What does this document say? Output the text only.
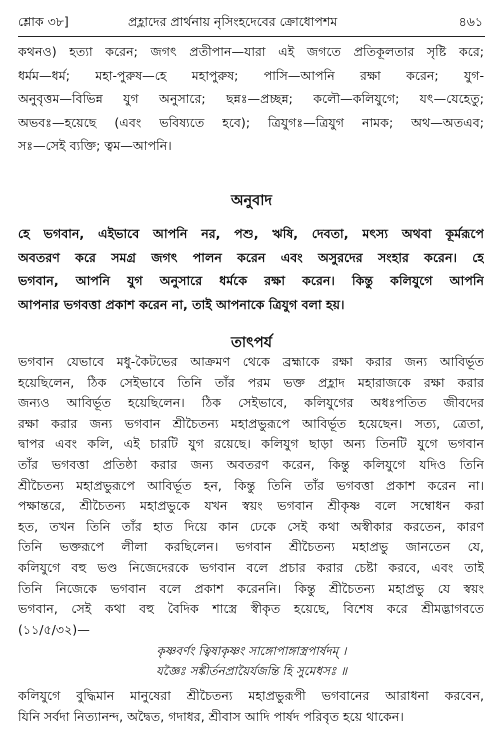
শ্লোক ৩৮]	প্রহ্লাদের প্রার্থনায় নৃসিংহদেবের ক্রোধোপশম	৪৬১
কথনও) হত্যা করেন; জগৎ প্রতীপান—যারা এই জগতে প্রতিকূলতার সৃষ্টি করে;
ধর্মম—ধর্ম; মহা-পুরুষ—হে মহাপুরুষ; পাসি—আপনি রক্ষা করেন; যুগ-
অনুবৃত্তম—বিভিন্ন যুগ অনুসারে; ছন্নঃ—প্রচ্ছন্ন; কলৌ—কলিযুগে; যৎ—যেহেতু;
অভবঃ—হয়েছে (এবং ভবিষ্যতে হবে); ত্রিযুগঃ—ত্রিযুগ নামক; অথ—অতএব;
সঃ—সেই ব্যক্তি; ত্বম—আপনি।
অনুবাদ
হে ভগবান, এইভাবে আপনি নর, পশু, ঋষি, দেবতা, মৎস্য অথবা কূর্মরূপে
অবতরণ করে সমগ্র জগৎ পালন করেন এবং অসুরদের সংহার করেন। হে
ভগবান, আপনি যুগ অনুসারে ধর্মকে রক্ষা করেন। কিন্তু কলিযুগে আপনি
আপনার ভগবত্তা প্রকাশ করেন না, তাই আপনাকে ত্রিযুগ বলা হয়।
তাৎপর্য
ভগবান যেভাবে মধু-কৈটভের আক্রমণ থেকে ব্রহ্মাকে রক্ষা করার জন্য আবির্ভূত
হয়েছিলেন, ঠিক সেইভাবে তিনি তাঁর পরম ভক্ত প্রহ্লাদ মহারাজকে রক্ষা করার
জন্যও আবির্ভূত হয়েছিলেন। ঠিক সেইভাবে, কলিযুগের অধঃপতিত জীবদের
রক্ষা করার জন্য ভগবান শ্রীচৈতন্য মহাপ্রভুরূপে আবির্ভূত হয়েছেন। সত্য, ত্রেতা,
দ্বাপর এবং কলি, এই চারটি যুগ রয়েছে। কলিযুগ ছাড়া অন্য তিনটি যুগে ভগবান
তাঁর ভগবত্তা প্রতিষ্ঠা করার জন্য অবতরণ করেন, কিন্তু কলিযুগে যদিও তিনি
শ্রীচৈতন্য মহাপ্রভুরূপে আবির্ভূত হন, কিন্তু তিনি তাঁর ভগবত্তা প্রকাশ করেন না।
পক্ষান্তরে, শ্রীচৈতন্য মহাপ্রভুকে যখন স্বয়ং ভগবান শ্রীকৃষ্ণ বলে সম্বোধন করা
হত, তখন তিনি তাঁর হাত দিয়ে কান ঢেকে সেই কথা অস্বীকার করতেন, কারণ
তিনি ভক্তরূপে লীলা করছিলেন। ভগবান শ্রীচৈতন্য মহাপ্রভু জানতেন যে,
কলিযুগে বহু ভণ্ড নিজেদেরকে ভগবান বলে প্রচার করার চেষ্টা করবে, এবং তাই
তিনি নিজেকে ভগবান বলে প্রকাশ করেননি। কিন্তু শ্রীচৈতন্য মহাপ্রভু যে স্বয়ং
ভগবান, সেই কথা বহু বৈদিক শাস্ত্রে স্বীকৃত হয়েছে, বিশেষ করে শ্রীমদ্ভাগবতে
(১১/৫/৩২)—
কৃষ্ণবর্ণং ত্বিষাকৃষ্ণং সাঙ্গোপাঙ্গাস্ত্রপার্ষদম্‌ ।
যজ্ঞৈঃ সঙ্কীর্তনপ্রায়ৈর্যজন্তি হি সুমেধসঃ ॥
কলিযুগে বুদ্ধিমান মানুষেরা শ্রীচৈতন্য মহাপ্রভুরূপী ভগবানের আরাধনা করবেন,
যিনি সর্বদা নিত্যানন্দ, অদ্বৈত, গদাধর, শ্রীবাস আদি পার্ষদ পরিবৃত হয়ে থাকেন।
